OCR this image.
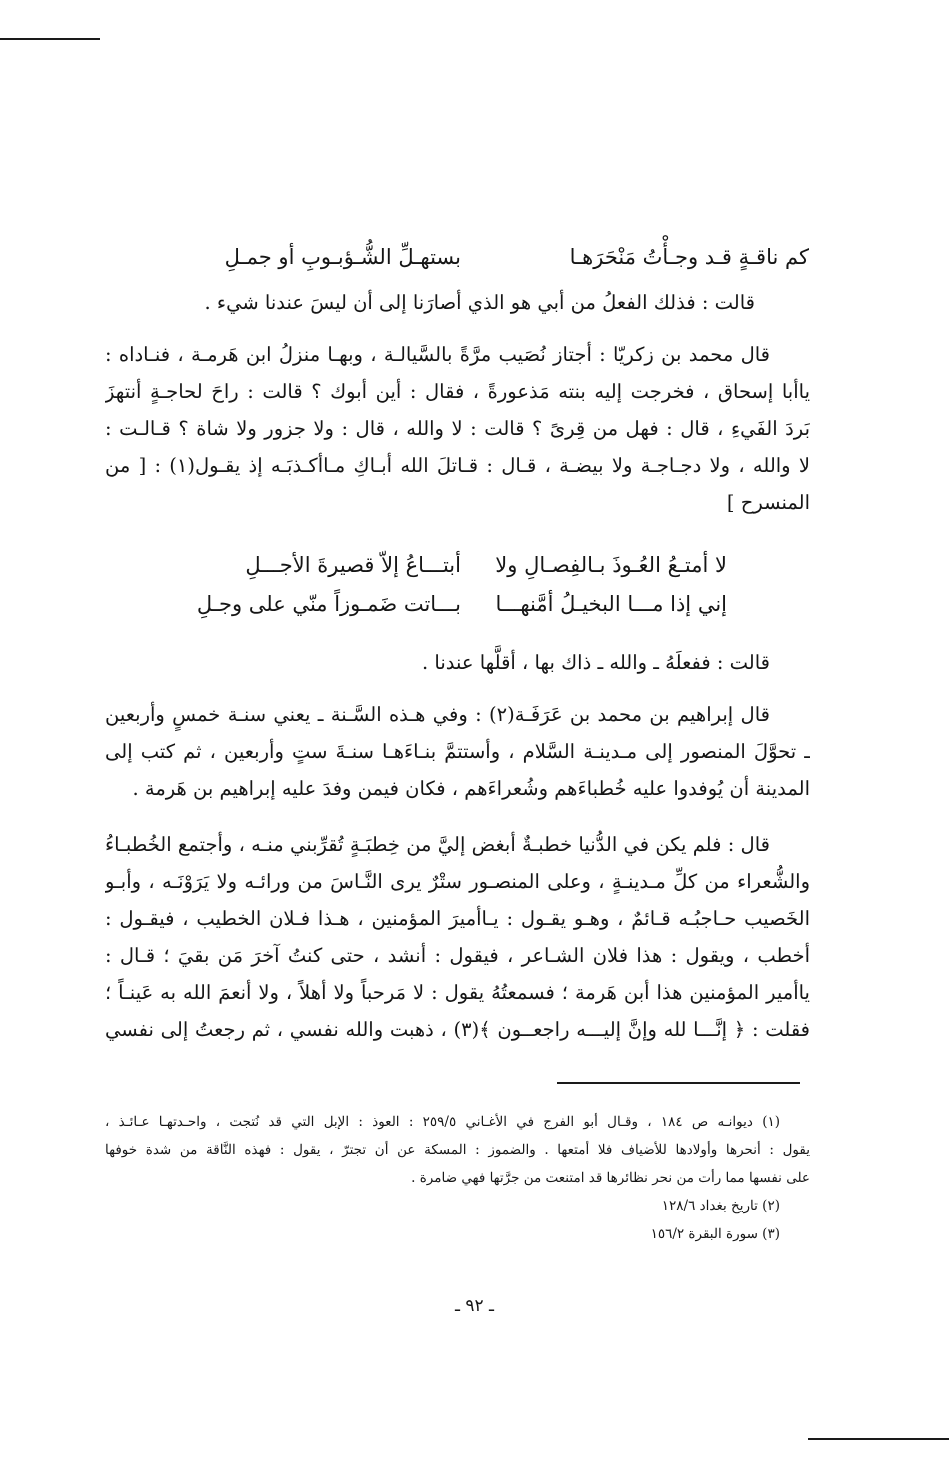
كم ناقـةٍ قـد وجـأْتُ مَنْحَرَهـا
بستهـلِّ الشُّـؤبـوبِ أو جمـلِ
قالت : فذلك الفعلُ من أبي هو الذي أصارَنا إلى أن ليسَ عندنا شيء .
قال محمد بن زكريّا : أجتاز نُصَيب مرَّةً بالسَّيالـة ، وبهـا منزلُ ابن هَرمـة ، فنـاداه :
ياأبا إسحاق ، فخرجت إليه بنته مَذعورةً ، فقال : أين أبوك ؟ قالت : راحَ لحاجـةٍ أنتهزَ
بَردَ الفَيءِ ، قال : فهل من قِرىً ؟ قالت : لا والله ، قال : ولا جزور ولا شاة ؟ قـالـت :
لا والله ، ولا دجـاجـة ولا بيضـة ، قـال : قـاتلَ الله أبـاكِ مـاأكـذبَـه إذ يقـول(١) : [ من
المنسرح ]
لا أمتـعُ العُـوذَ بـالفِصـالِ ولا
أبتـــاعُ إلاّ قصيرةَ الأجـــلِ
إني إذا مـــا البخيـلُ أمَّنهـــا
بـــاتت ضَمـوزاً منّي على وجـلِ
قالت : ففعلَهُ ـ والله ـ ذاك بها ، أقلَّها عندنا .
قال إبراهيم بن محمد بن عَرَفَـة(٢) : وفي هـذه السَّـنة ـ يعني سنـة خمسٍ وأربعين
ـ تحوَّلَ المنصور إلى مـدينـة السَّلام ، وأستتمَّ بنـاءَهـا سنـةَ ستٍ وأربعين ، ثم كتب إلى
المدينة أن يُوفدوا عليه خُطباءَهم وشُعراءَهم ، فكان فيمن وفدَ عليه إبراهيم بن هَرمة .
قال : فلم يكن في الدُّنيا خطبـةٌ أبغض إليَّ من خِطبَـةٍ تُقرِّبني منـه ، وأجتمع الخُطبـاءُ
والشُّعراء من كلِّ مـدينـةٍ ، وعلى المنصـور ستْرٌ يرى النَّـاسَ من ورائـه ولا يَرَوْنَـه ، وأبـو
الخَصيب حـاجبُـه قـائمٌ ، وهـو يقـول : يـاأميرَ المؤمنين ، هـذا فـلان الخطيب ، فيقـول :
أخطب ، ويقول : هذا فلان الشـاعر ، فيقول : أنشد ، حتى كنتُ آخرَ مَن بقيَ ؛ قـال :
ياأمير المؤمنين هذا أبن هَرمة ؛ فسمعتُهُ يقول : لا مَرحباً ولا أهلاً ، ولا أنعمَ الله به عَينـاً ؛
فقلت : ﴿ إنَّـــا لله وإنَّ إليـــه راجعــون ﴾(٣) ، ذهبت والله نفسي ، ثم رجعتُ إلى نفسي
(١) ديوانـه ص ١٨٤ ، وقـال أبو الفرج في الأغـاني ٢٥٩/٥ : العوذ : الإبل التي قد نُتجت ، واحـدتهـا عـائـذ ،
يقول : أنحرها وأولادها للأضياف فلا أمتعها . والضموز : المسكة عن أن تجترّ ، يقول : فهذه النَّاقة من شدة خوفها
على نفسها مما رأت من نحر نظائرها قد امتنعت من جرَّتها فهي ضامرة .
(٢) تاريخ بغداد ١٢٨/٦
(٣) سورة البقرة ١٥٦/٢
ـ ٩٢ ـ
